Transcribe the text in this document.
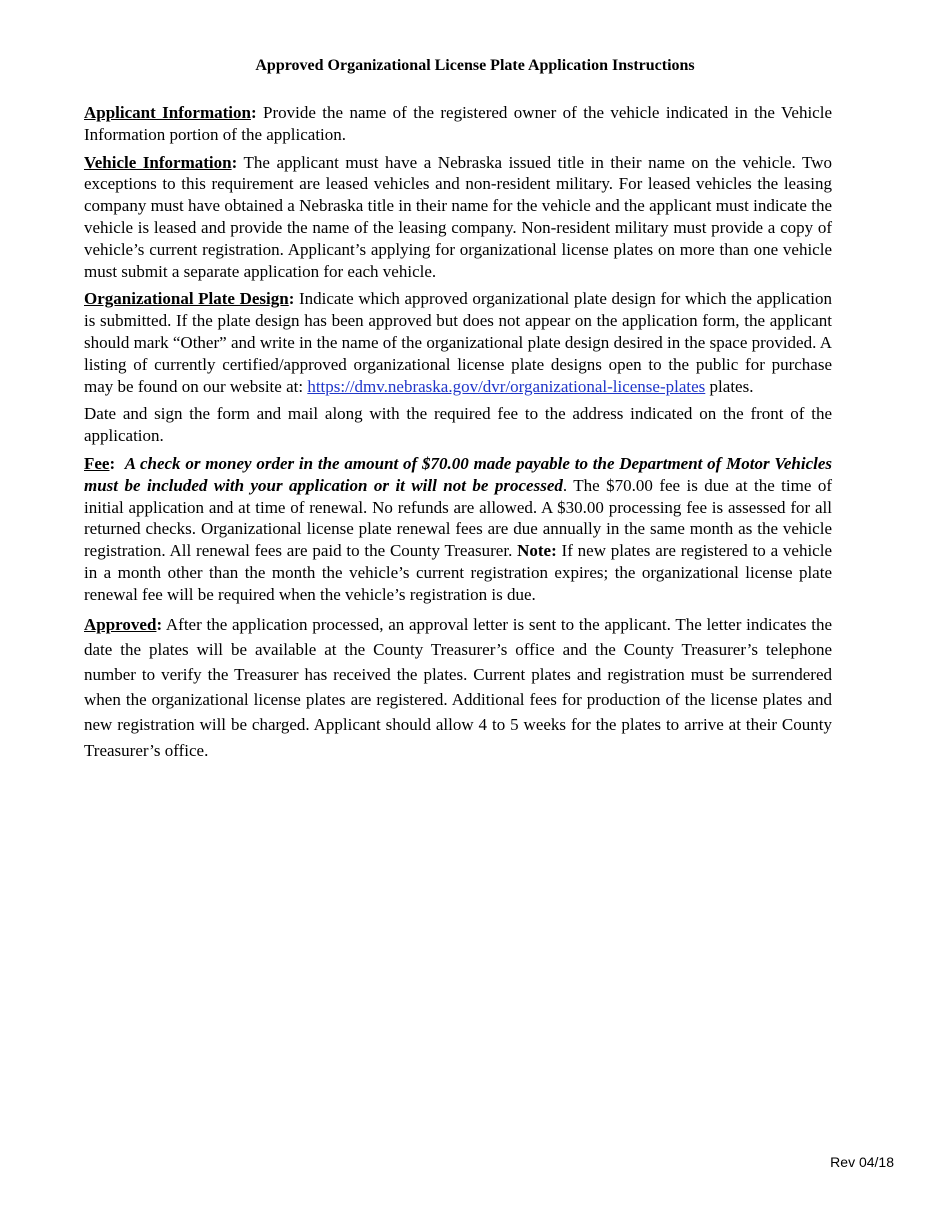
Approved Organizational License Plate Application Instructions

Applicant Information: Provide the name of the registered owner of the vehicle indicated in the Vehicle Information portion of the application.

Vehicle Information: The applicant must have a Nebraska issued title in their name on the vehicle. Two exceptions to this requirement are leased vehicles and non-resident military. For leased vehicles the leasing company must have obtained a Nebraska title in their name for the vehicle and the applicant must indicate the vehicle is leased and provide the name of the leasing company. Non-resident military must provide a copy of vehicle’s current registration. Applicant’s applying for organizational license plates on more than one vehicle must submit a separate application for each vehicle.

Organizational Plate Design: Indicate which approved organizational plate design for which the application is submitted. If the plate design has been approved but does not appear on the application form, the applicant should mark “Other” and write in the name of the organizational plate design desired in the space provided. A listing of currently certified/approved organizational license plate designs open to the public for purchase may be found on our website at: https://dmv.nebraska.gov/dvr/organizational-license-plates plates.

Date and sign the form and mail along with the required fee to the address indicated on the front of the application.

Fee: A check or money order in the amount of $70.00 made payable to the Department of Motor Vehicles must be included with your application or it will not be processed. The $70.00 fee is due at the time of initial application and at time of renewal. No refunds are allowed. A $30.00 processing fee is assessed for all returned checks. Organizational license plate renewal fees are due annually in the same month as the vehicle registration. All renewal fees are paid to the County Treasurer. Note: If new plates are registered to a vehicle in a month other than the month the vehicle’s current registration expires; the organizational license plate renewal fee will be required when the vehicle’s registration is due.

Approved: After the application processed, an approval letter is sent to the applicant. The letter indicates the date the plates will be available at the County Treasurer’s office and the County Treasurer’s telephone number to verify the Treasurer has received the plates. Current plates and registration must be surrendered when the organizational license plates are registered. Additional fees for production of the license plates and new registration will be charged. Applicant should allow 4 to 5 weeks for the plates to arrive at their County Treasurer’s office.

Rev 04/18
